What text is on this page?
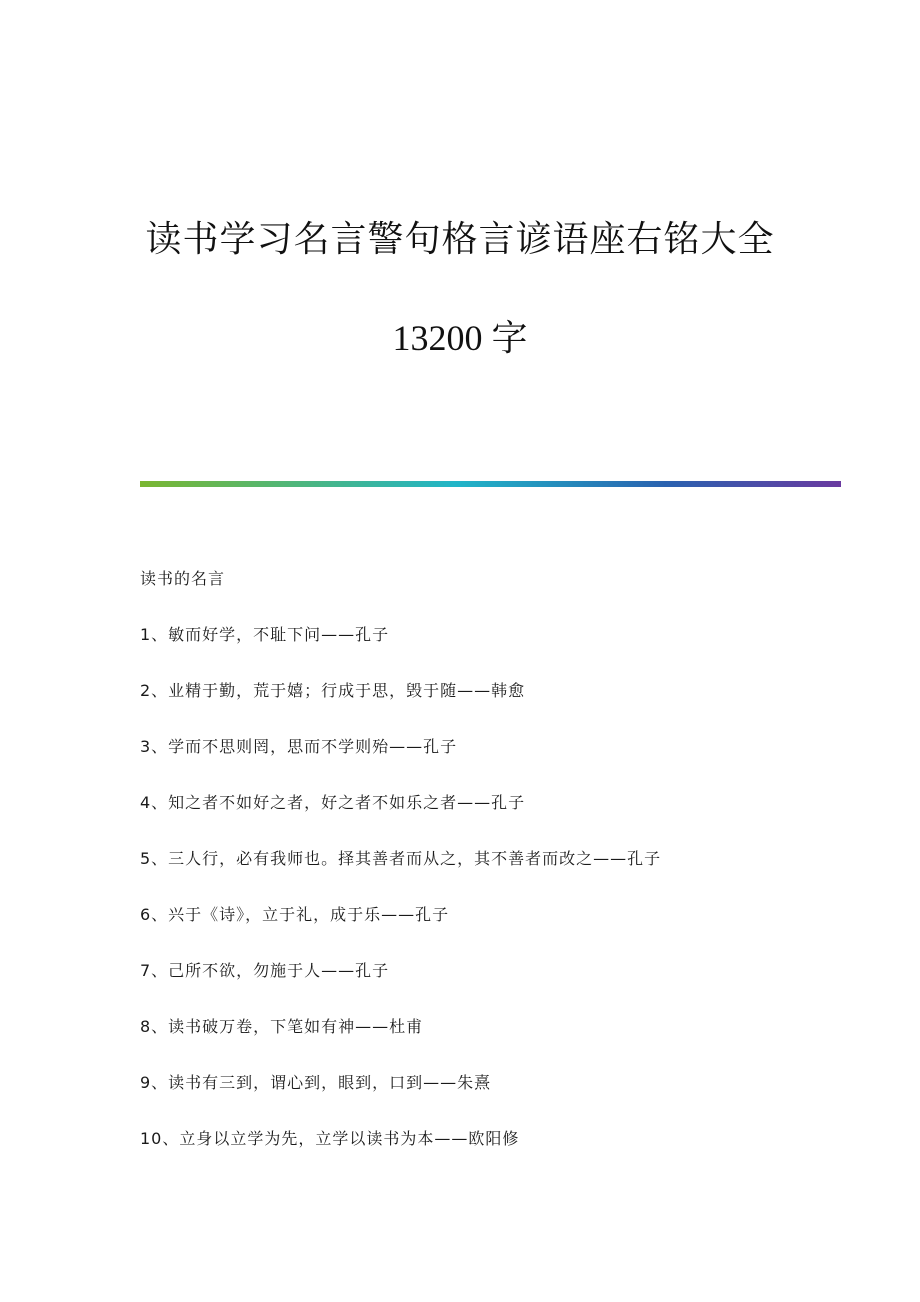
读书学习名言警句格言谚语座右铭大全
13200 字
读书的名言
1、敏而好学，不耻下问——孔子
2、业精于勤，荒于嬉；行成于思，毁于随——韩愈
3、学而不思则罔，思而不学则殆——孔子
4、知之者不如好之者，好之者不如乐之者——孔子
5、三人行，必有我师也。择其善者而从之，其不善者而改之——孔子
6、兴于《诗》，立于礼，成于乐——孔子
7、己所不欲，勿施于人——孔子
8、读书破万卷，下笔如有神——杜甫
9、读书有三到，谓心到，眼到，口到——朱熹
10、立身以立学为先，立学以读书为本——欧阳修
